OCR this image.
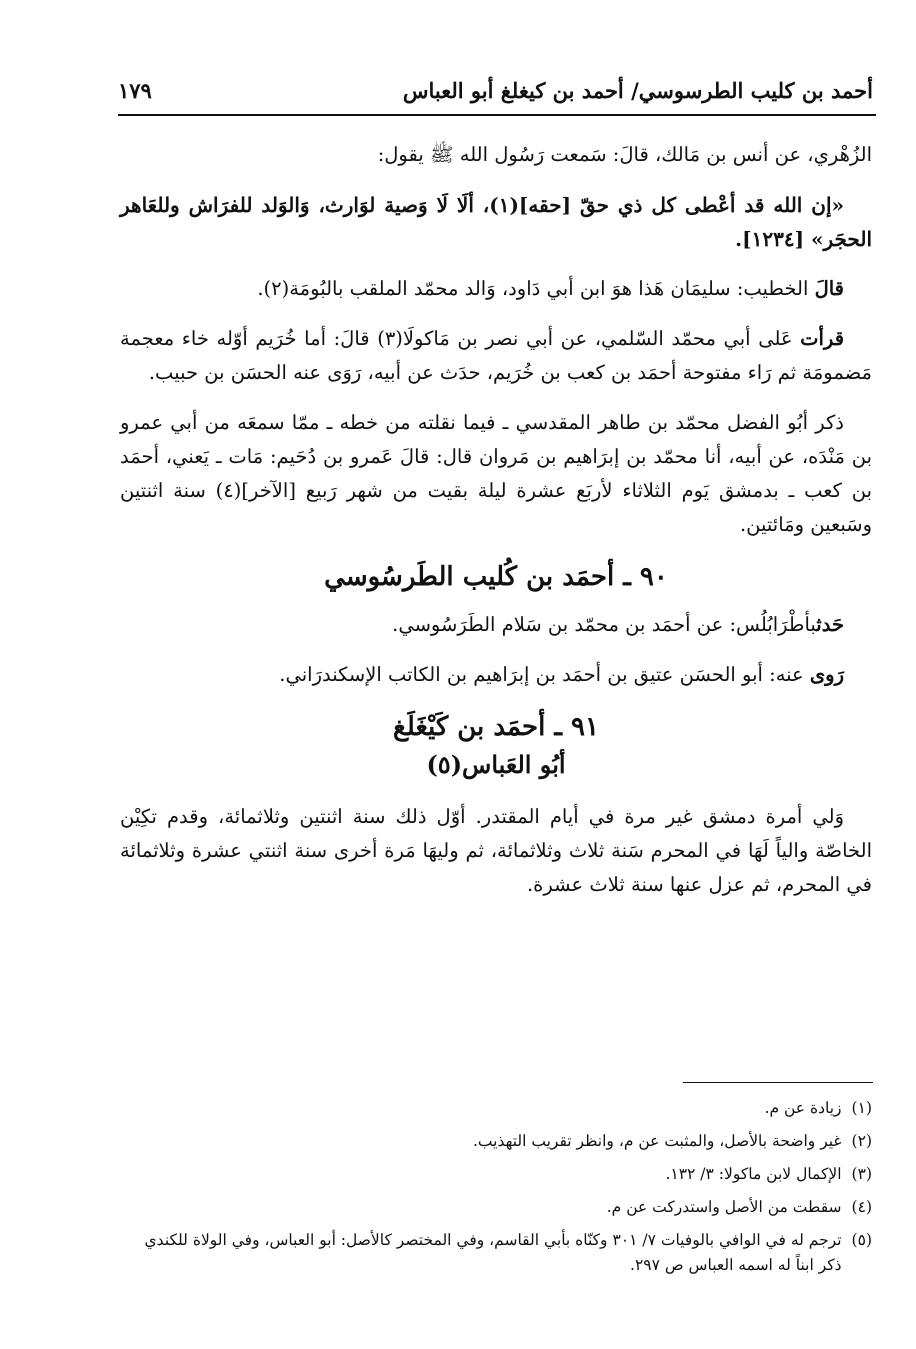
أحمد بن كليب الطرسوسي/ أحمد بن كيغلغ أبو العباس
١٧٩

الزُهْري، عن أنس بن مَالك، قالَ: سَمعت رَسُول الله ﷺ يقول:

«إن الله قد أعْطى كل ذي حقّ [حقه](١)، ألَا لَا وَصية لوَارث، وَالوَلد للفرَاش وللعَاهر الحجَر» [١٢٣٤].

قالَ الخطيب: سليمَان هَذا هوَ ابن أبي دَاود، وَالد محمّد الملقب بالبُومَة(٢).

قرأت عَلى أبي محمّد السّلمي، عن أبي نصر بن مَاكولَا(٣) قالَ: أما خُرَيم أوّله خاء معجمة مَضمومَة ثم رَاء مفتوحة أحمَد بن كعب بن خُرَيم، حدَث عن أبيه، رَوَى عنه الحسَن بن حبيب.

ذكر أبُو الفضل محمّد بن طاهر المقدسي ـ فيما نقلته من خطه ـ ممّا سمعَه من أبي عمرو بن مَنْدَه، عن أبيه، أنا محمّد بن إبرَاهيم بن مَروان قال: قالَ عَمرو بن دُحَيم: مَات ـ يَعني، أحمَد بن كعب ـ بدمشق يَوم الثلاثاء لأربَع عشرة ليلة بقيت من شهر رَبيع [الآخر](٤) سنة اثنتين وسَبعين ومَائتين.

٩٠ ـ أحمَد بن كُليب الطَرسُوسي

حَدثبأطْرَابُلُس: عن أحمَد بن محمّد بن سَلام الطَرَسُوسي.

رَوى عنه: أبو الحسَن عتيق بن أحمَد بن إبرَاهيم بن الكاتب الإسكندرَاني.

٩١ ـ أحمَد بن كَيْغَلَغ
أبُو العَباس(٥)

وَلي أمرة دمشق غير مرة في أيام المقتدر. أوّل ذلك سنة اثنتين وثلاثمائة، وقدم تكِيْن الخاصّة والياً لَهَا في المحرم سَنة ثلاث وثلاثمائة، ثم وليهَا مَرة أخرى سنة اثنتي عشرة وثلاثمائة في المحرم، ثم عزل عنها سنة ثلاث عشرة.

(١)
زيادة عن م.
(٢)
غير واضحة بالأصل، والمثبت عن م، وانظر تقريب التهذيب.
(٣)
الإكمال لابن ماكولا: ٣/ ١٣٢.
(٤)
سقطت من الأصل واستدركت عن م.
(٥)
ترجم له في الوافي بالوفيات ٧/ ٣٠١ وكنّاه بأبي القاسم، وفي المختصر كالأصل: أبو العباس، وفي الولاة للكندي ذكر ابناً له اسمه العباس ص ٢٩٧.
